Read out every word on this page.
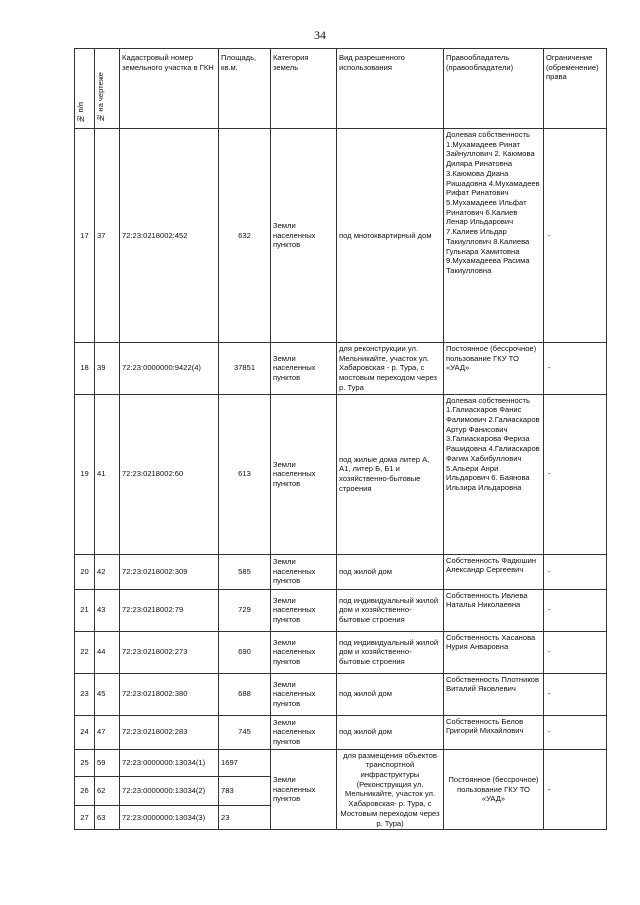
34
№ п/п	№ на чертеже	Кадастровый номер земельного участка в ГКН	Площадь, кв.м.	Категория земель	Вид разрешенного использования	Правообладатель (правообладатели)	Ограничение (обременение) права
17	37	72:23:0218002:452	632	Земли населенных пунктов	под многоквартирный дом	Долевая собственность 1.Мухамадеев Ринат Зайнуллович 2. Каюмова Диляра Ринатовна 3.Каюмова Диана Ришадовна 4.Мухамадеев Рифат Ринатович 5.Мухамадеев Ильфат Ринатович 6.Калиев Ленар Ильдарович 7.Калиев Ильдар Такиуллович 8.Калиева Гульнара Хамитовна 9.Мухамадеева Расима Такиулловна	-
18	39	72:23:0000000:9422(4)	37851	Земли населенных пунктов	для реконструкции ул. Мельникайте, участок ул. Хабаровская - р. Тура, с мостовым переходом через р. Тура	Постоянное (бессрочное) пользование ГКУ ТО «УАД»	-
19	41	72:23:0218002:60	613	Земли населенных пунктов	под жилые дома литер А, А1, литер Б, Б1 и хозяйственно-бытовые строения	Долевая собственность 1.Галиаскаров Фанис Фалимович 2.Галиаскаров Артур Фанисович 3.Галиаскарова Фериза Рашидовна 4.Галиаскаров Фагим Хабибуллович 5.Альеpи Анри Ильдарович 6. Баянова Ильзира Ильдаровна	-
20	42	72:23:0218002:309	585	Земли населенных пунктов	под жилой дом	Собственность Фадюшин Александр Сергеевич	-
21	43	72:23:0218002:79	729	Земли населенных пунктов	под индивидуальный жилой дом и хозяйственно-бытовые строения	Собственность Ивлева Наталья Николаевна	-
22	44	72:23:0218002:273	690	Земли населенных пунктов	под индивидуальный жилой дом и хозяйственно-бытовые строения	Собственность Хасанова Нурия Анваровна	-
23	45	72:23:0218002:380	688	Земли населенных пунктов	под жилой дом	Собственность Плотников Виталий Яковлевич	-
24	47	72:23:0218002:283	745	Земли населенных пунктов	под жилой дом	Собственность Белов Григорий Михайлович	-
25	59	72:23:0000000:13034(1)	1697	Земли населенных пунктов	для размещения объектов транспортной инфраструктуры (Реконструкция ул. Мельникайте, участок ул. Хабаровская- р. Тура, с Мостовым переходом через р. Тура)	Постоянное (бессрочное) пользование ГКУ ТО «УАД»	-
26	62	72:23:0000000:13034(2)	783				
27	63	72:23:0000000:13034(3)	23				
